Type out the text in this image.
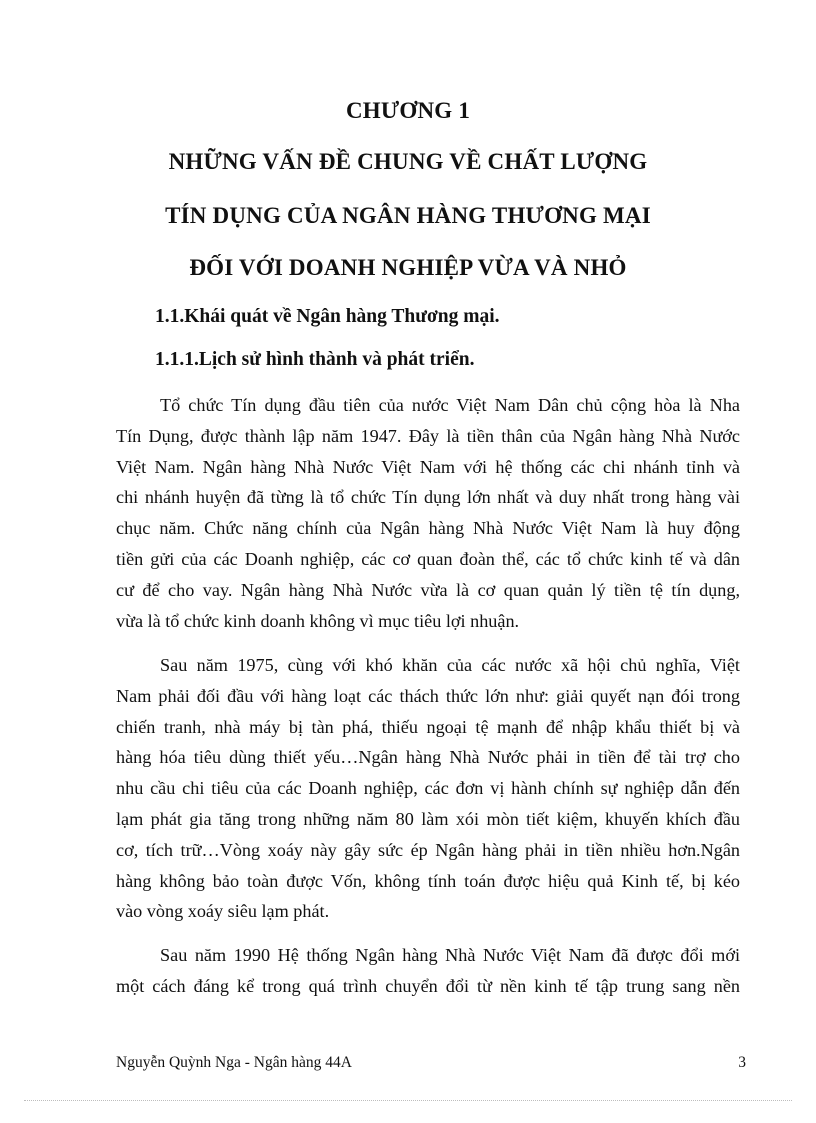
CHƯƠNG 1
NHỮNG VẤN ĐỀ CHUNG VỀ CHẤT LƯỢNG
TÍN DỤNG CỦA NGÂN HÀNG THƯƠNG MẠI
ĐỐI VỚI DOANH NGHIỆP VỪA VÀ NHỎ
1.1.Khái quát về Ngân hàng Thương mại.
1.1.1.Lịch sử hình thành và phát triển.
Tổ chức Tín dụng đầu tiên của nước Việt Nam Dân chủ cộng hòa là Nha
Tín Dụng, được thành lập năm 1947. Đây là tiền thân của Ngân hàng Nhà Nước
Việt Nam. Ngân hàng Nhà Nước Việt Nam với hệ thống các chi nhánh tỉnh và
chi nhánh huyện đã từng là tổ chức Tín dụng lớn nhất và duy nhất trong hàng vài
chục năm. Chức năng chính của Ngân hàng Nhà Nước Việt Nam là huy động
tiền gửi của các Doanh nghiệp, các cơ quan đoàn thể, các tổ chức kinh tế và dân
cư để cho vay. Ngân hàng Nhà Nước vừa là cơ quan quản lý tiền tệ tín dụng,
vừa là tổ chức kinh doanh không vì mục tiêu lợi nhuận.
Sau năm 1975, cùng với khó khăn của các nước xã hội chủ nghĩa, Việt
Nam phải đối đầu với hàng loạt các thách thức lớn như: giải quyết nạn đói trong
chiến tranh, nhà máy bị tàn phá, thiếu ngoại tệ mạnh để nhập khẩu thiết bị và
hàng hóa tiêu dùng thiết yếu…Ngân hàng Nhà Nước phải in tiền để tài trợ cho
nhu cầu chi tiêu của các Doanh nghiệp, các đơn vị hành chính sự nghiệp dẫn đến
lạm phát gia tăng trong những năm 80 làm xói mòn tiết kiệm, khuyến khích đầu
cơ, tích trữ…Vòng xoáy này gây sức ép Ngân hàng phải in tiền nhiều hơn.Ngân
hàng không bảo toàn được Vốn, không tính toán được hiệu quả Kinh tế, bị kéo
vào vòng xoáy siêu lạm phát.
Sau năm 1990 Hệ thống Ngân hàng Nhà Nước Việt Nam đã được đổi mới
một cách đáng kể trong quá trình chuyển đổi từ nền kinh tế tập trung sang nền
Nguyễn Quỳnh Nga - Ngân hàng 44A	3
